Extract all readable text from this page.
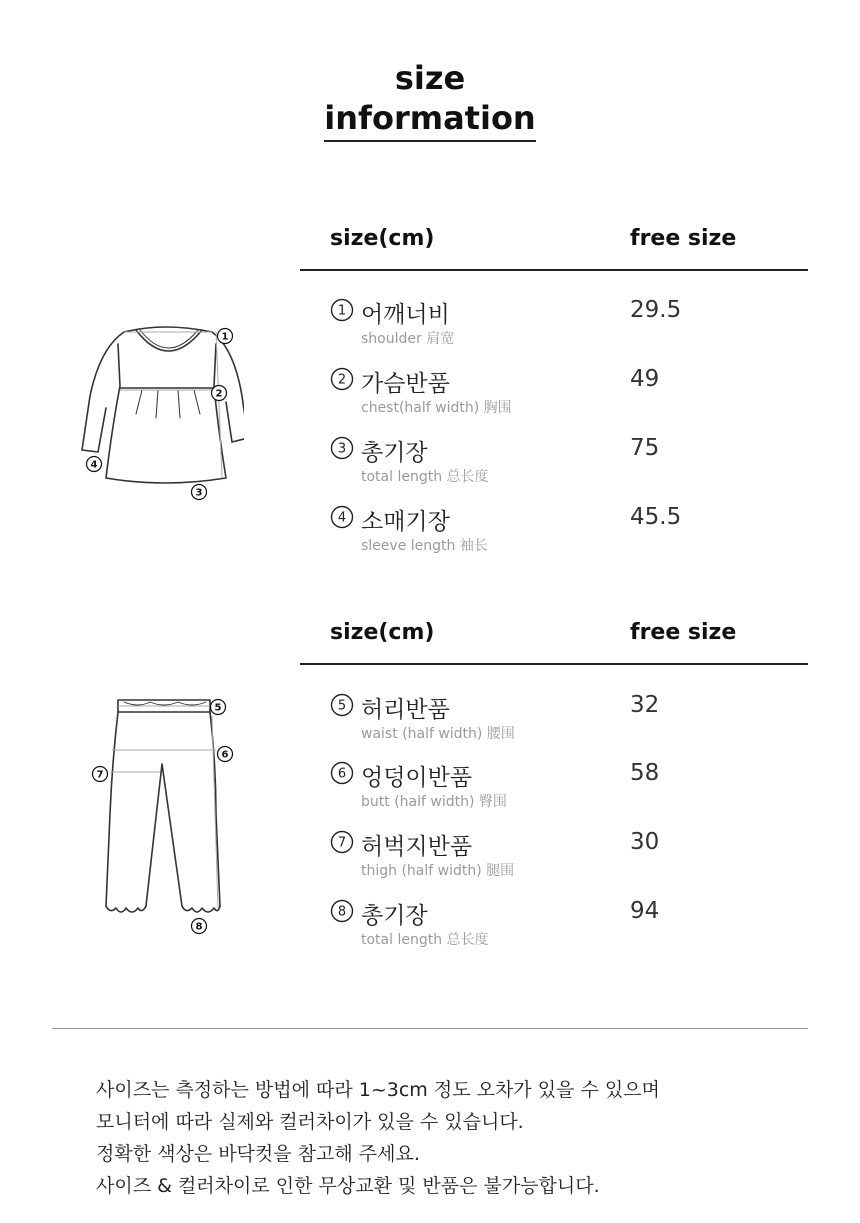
size
information
size(cm)	free size
1 어깨너비
shoulder 肩宽
29.5
2 가슴반품
chest(half width) 胸围
49
3 총기장
total length 总长度
75
4 소매기장
sleeve length 袖长
45.5
1
2
3
4
size(cm)	free size
5 허리반품
waist (half width) 腰围
32
6 엉덩이반품
butt (half width) 臀围
58
7 허벅지반품
thigh (half width) 腿围
30
8 총기장
total length 总长度
94
5
6
7
8
사이즈는 측정하는 방법에 따라 1~3cm 정도 오차가 있을 수 있으며
모니터에 따라 실제와 컬러차이가 있을 수 있습니다.
정확한 색상은 바닥컷을 참고해 주세요.
사이즈 & 컬러차이로 인한 무상교환 및 반품은 불가능합니다.
